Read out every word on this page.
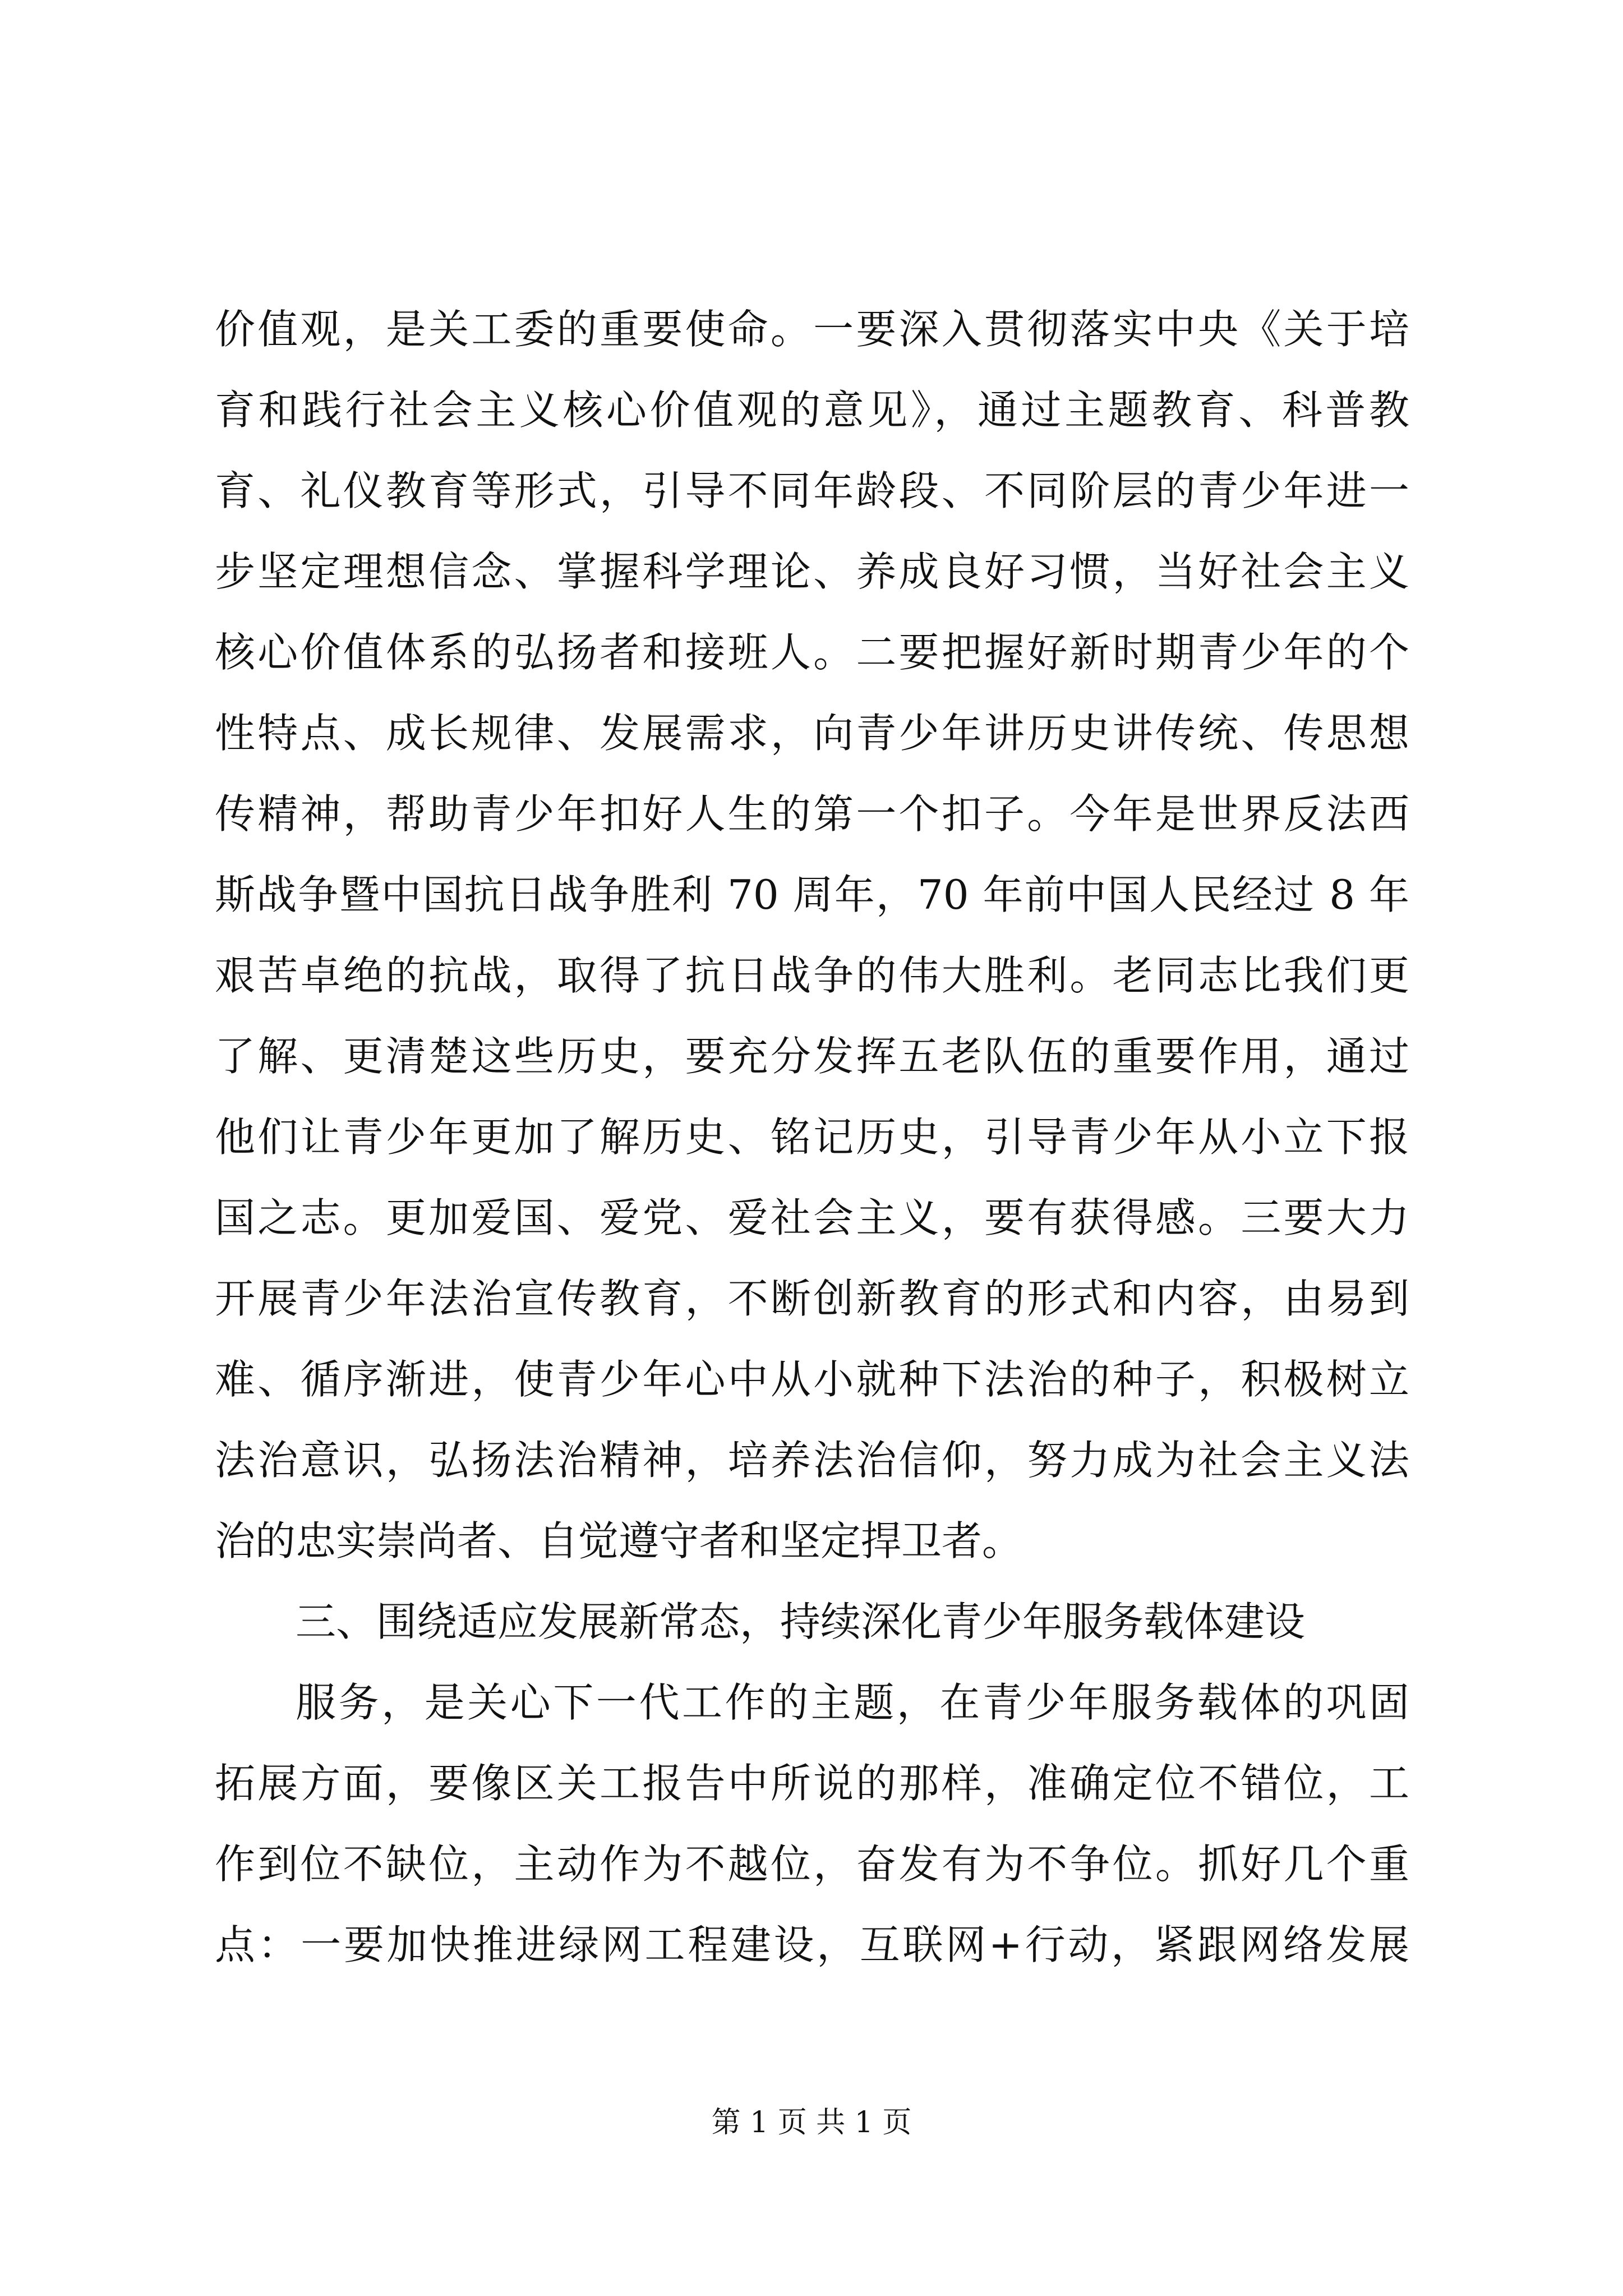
价值观，是关工委的重要使命。一要深入贯彻落实中央《关于培
育和践行社会主义核心价值观的意见》，通过主题教育、科普教
育、礼仪教育等形式，引导不同年龄段、不同阶层的青少年进一
步坚定理想信念、掌握科学理论、养成良好习惯，当好社会主义
核心价值体系的弘扬者和接班人。二要把握好新时期青少年的个
性特点、成长规律、发展需求，向青少年讲历史讲传统、传思想
传精神，帮助青少年扣好人生的第一个扣子。今年是世界反法西
斯战争暨中国抗日战争胜利 70 周年，70 年前中国人民经过 8 年
艰苦卓绝的抗战，取得了抗日战争的伟大胜利。老同志比我们更
了解、更清楚这些历史，要充分发挥五老队伍的重要作用，通过
他们让青少年更加了解历史、铭记历史，引导青少年从小立下报
国之志。更加爱国、爱党、爱社会主义，要有获得感。三要大力
开展青少年法治宣传教育，不断创新教育的形式和内容，由易到
难、循序渐进，使青少年心中从小就种下法治的种子，积极树立
法治意识，弘扬法治精神，培养法治信仰，努力成为社会主义法
治的忠实崇尚者、自觉遵守者和坚定捍卫者。
三、围绕适应发展新常态，持续深化青少年服务载体建设
服务，是关心下一代工作的主题，在青少年服务载体的巩固
拓展方面，要像区关工报告中所说的那样，准确定位不错位，工
作到位不缺位，主动作为不越位，奋发有为不争位。抓好几个重
点：一要加快推进绿网工程建设，互联网+行动，紧跟网络发展
第 1 页 共 1 页
